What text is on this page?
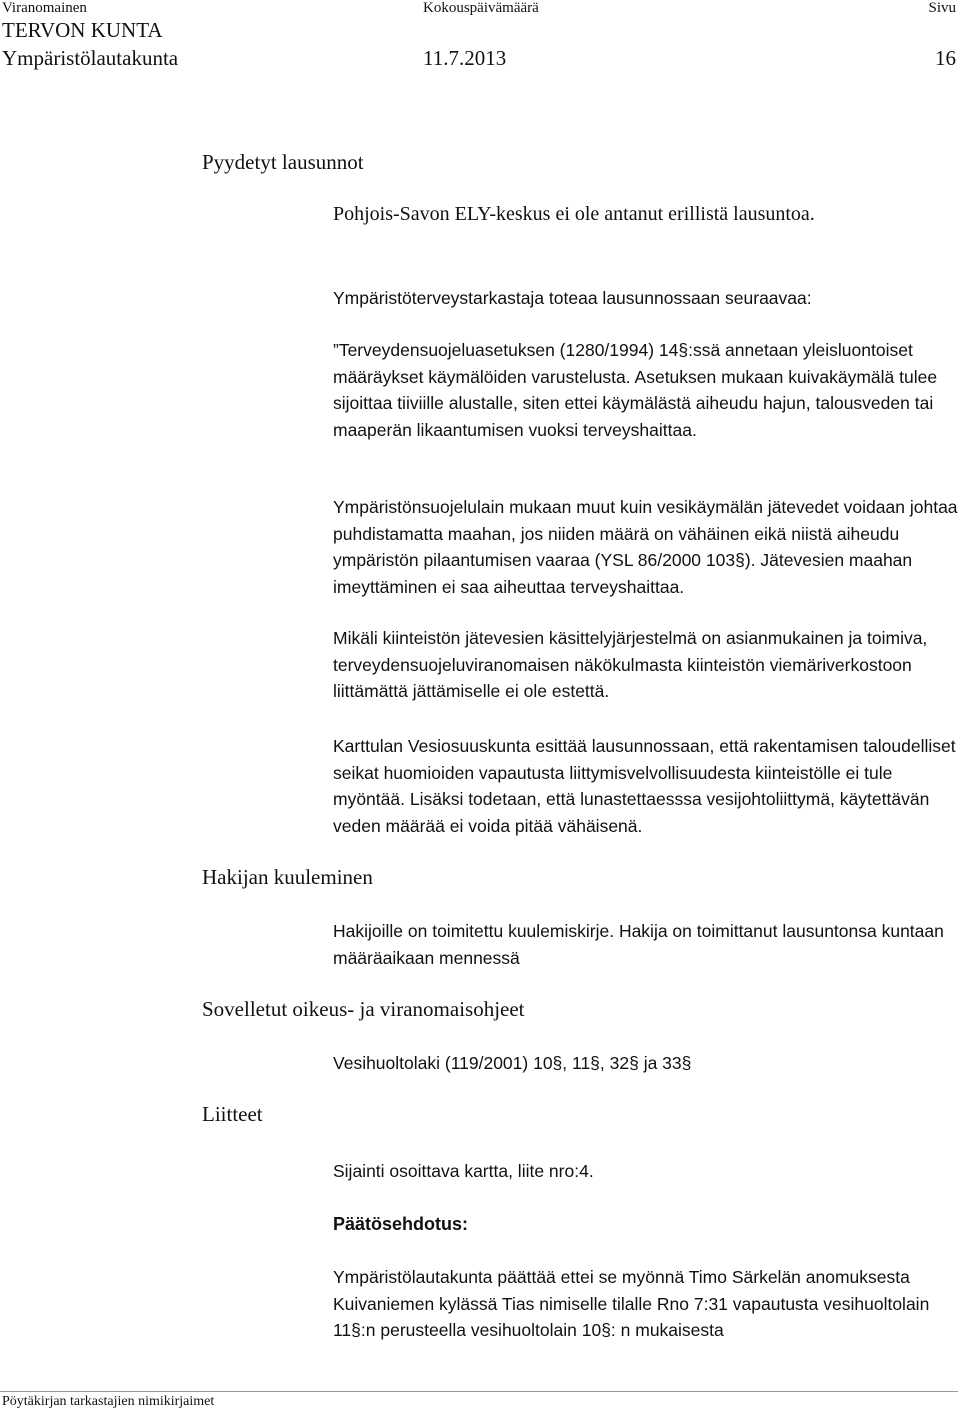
Viranomainen	Kokouspäivämäärä	Sivu
TERVON KUNTA
Ympäristölautakunta	11.7.2013	16
Pyydetyt lausunnot
Hakijan kuuleminen
Sovelletut oikeus- ja viranomaisohjeet
Liitteet
Pohjois-Savon ELY-keskus ei ole antanut erillistä lausuntoa.
Ympäristöterveystarkastaja toteaa lausunnossaan seuraavaa:
”Terveydensuojeluasetuksen (1280/1994) 14§:ssä annetaan yleisluontoiset määräykset käymälöiden varustelusta. Asetuksen mukaan kuivakäymälä tulee sijoittaa tiiviille alustalle, siten ettei käymälästä aiheudu hajun, talousveden tai maaperän likaantumisen vuoksi terveyshaittaa.
Ympäristönsuojelulain mukaan muut kuin vesikäymälän jätevedet voidaan johtaa puhdistamatta maahan, jos niiden määrä on vähäinen eikä niistä aiheudu ympäristön pilaantumisen vaaraa (YSL 86/2000 103§). Jätevesien maahan imeyttäminen ei saa aiheuttaa terveyshaittaa.
Mikäli kiinteistön jätevesien käsittelyjärjestelmä on asianmukainen ja toimiva, terveydensuojeluviranomaisen näkökulmasta kiinteistön viemäriverkostoon liittämättä jättämiselle ei ole estettä.
Karttulan Vesiosuuskunta esittää lausunnossaan, että rakentamisen taloudelliset seikat huomioiden vapautusta liittymisvelvollisuudesta kiinteistölle ei tule myöntää. Lisäksi todetaan, että lunastettaesssa vesijohtoliittymä, käytettävän veden määrää ei voida pitää vähäisenä.
Hakijoille on toimitettu kuulemiskirje. Hakija on toimittanut lausuntonsa kuntaan määräaikaan mennessä
Vesihuoltolaki (119/2001) 10§, 11§, 32§ ja 33§
Sijainti osoittava kartta, liite nro:4.
Päätösehdotus:
Ympäristölautakunta päättää ettei se myönnä Timo Särkelän anomuksesta Kuivaniemen kylässä Tias nimiselle tilalle Rno 7:31 vapautusta vesihuoltolain 11§:n perusteella vesihuoltolain 10§: n mukaisesta
Pöytäkirjan tarkastajien nimikirjaimet
